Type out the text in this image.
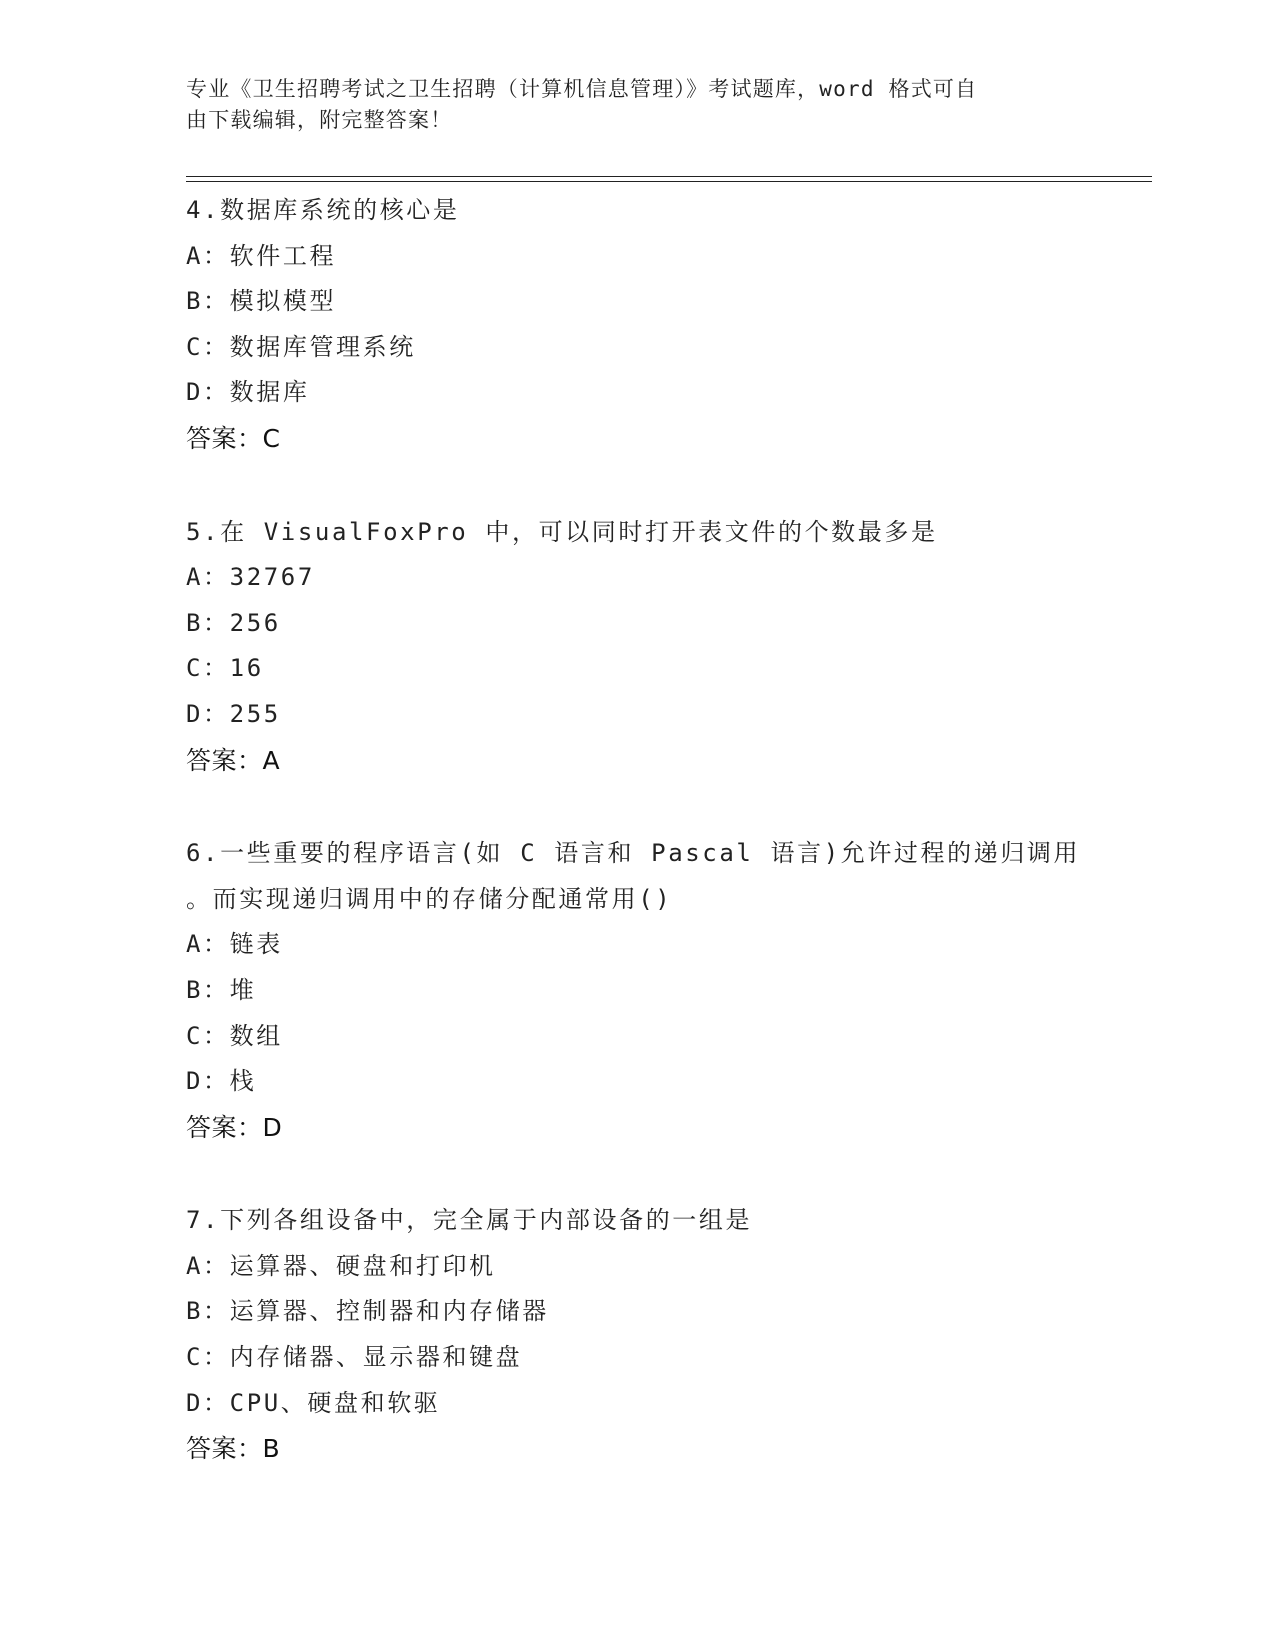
专业《卫生招聘考试之卫生招聘（计算机信息管理）》考试题库，word 格式可自
由下载编辑，附完整答案！
4.数据库系统的核心是
A：软件工程
B：模拟模型
C：数据库管理系统
D：数据库
答案：C
5.在 VisualFoxPro 中，可以同时打开表文件的个数最多是
A：32767
B：256
C：16
D：255
答案：A
6.一些重要的程序语言(如 C 语言和 Pascal 语言)允许过程的递归调用
。而实现递归调用中的存储分配通常用()
A：链表
B：堆
C：数组
D：栈
答案：D
7.下列各组设备中，完全属于内部设备的一组是
A：运算器、硬盘和打印机
B：运算器、控制器和内存储器
C：内存储器、显示器和键盘
D：CPU、硬盘和软驱
答案：B
